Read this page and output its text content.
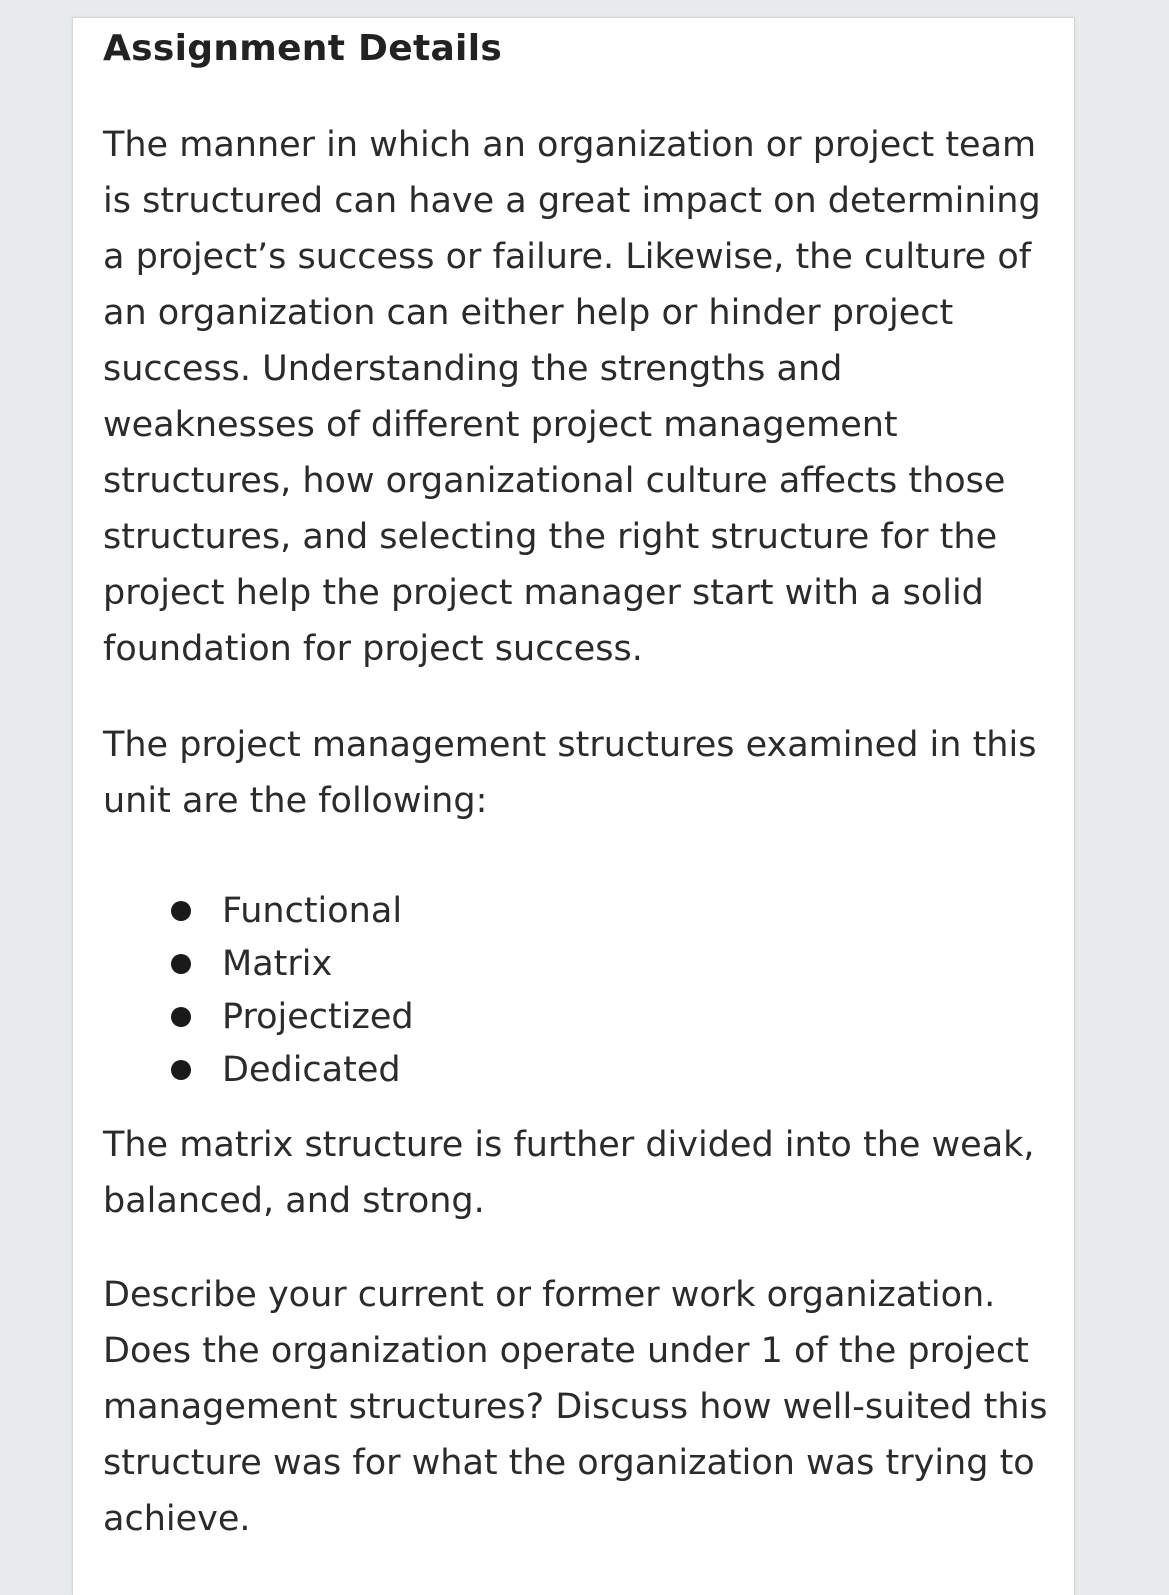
Assignment Details

The manner in which an organization or project team is structured can have a great impact on determining a project’s success or failure. Likewise, the culture of an organization can either help or hinder project success. Understanding the strengths and weaknesses of different project management structures, how organizational culture affects those structures, and selecting the right structure for the project help the project manager start with a solid foundation for project success.

The project management structures examined in this unit are the following:

Functional
Matrix
Projectized
Dedicated

The matrix structure is further divided into the weak, balanced, and strong.

Describe your current or former work organization. Does the organization operate under 1 of the project management structures? Discuss how well-suited this structure was for what the organization was trying to achieve.
